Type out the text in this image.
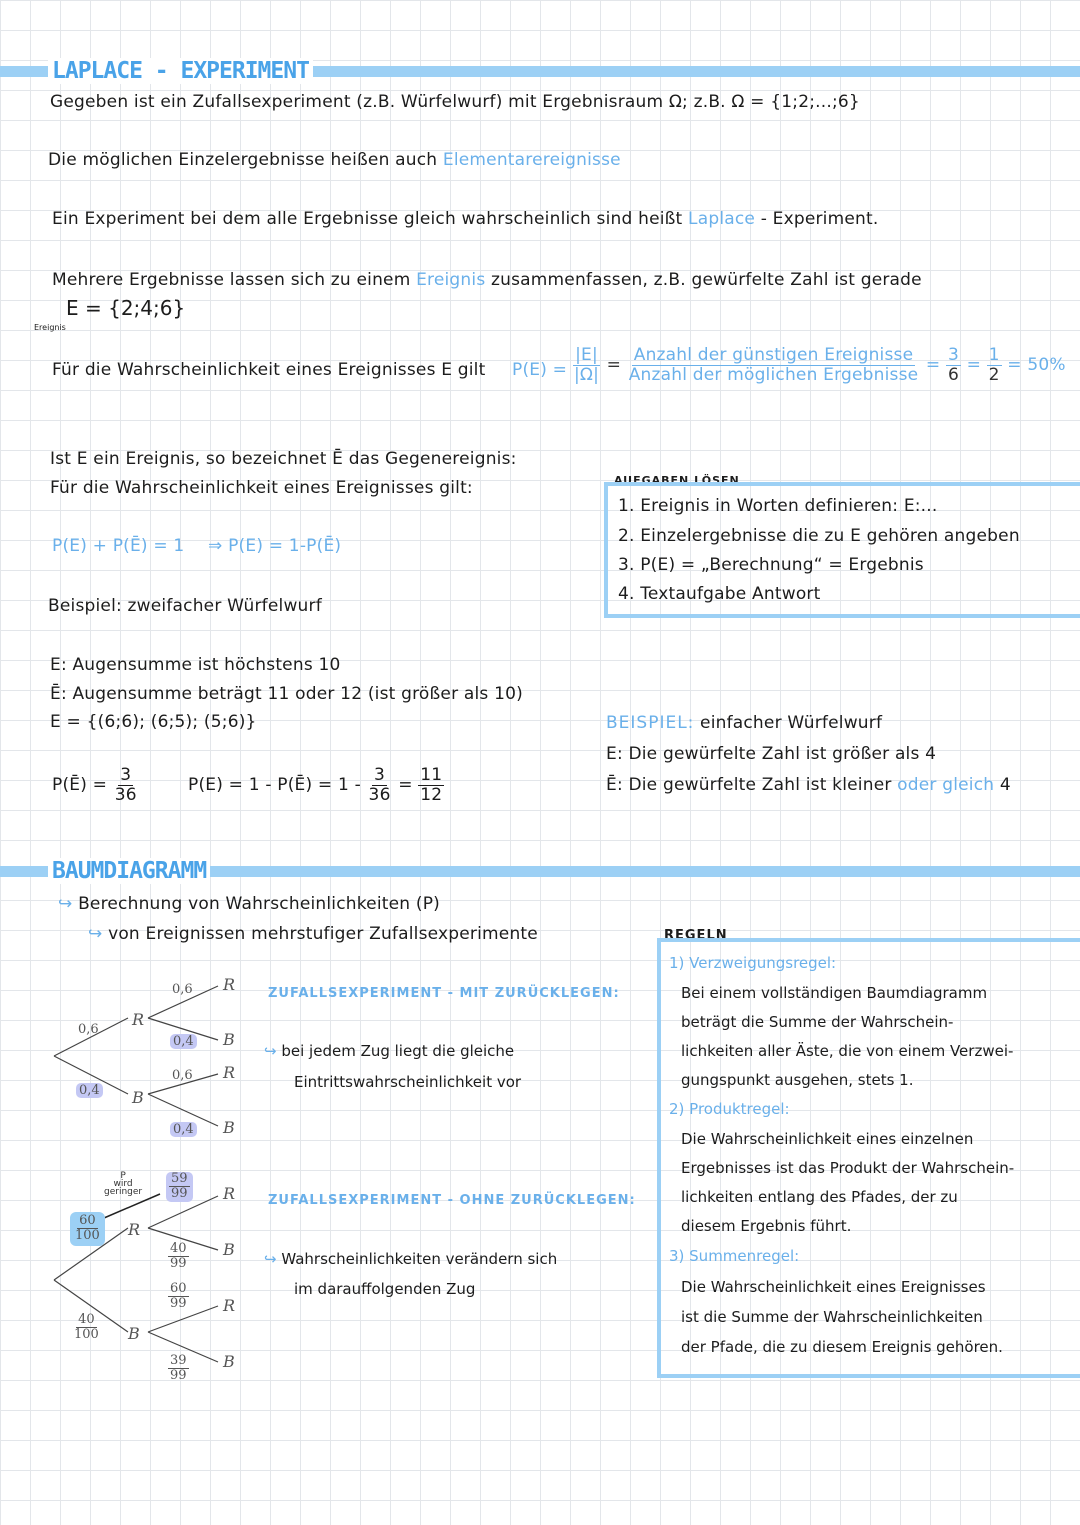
LAPLACE - EXPERIMENT
Gegeben ist ein Zufallsexperiment (z.B. Würfelwurf) mit Ergebnisraum Ω; z.B. Ω = {1;2;...;6}
Die möglichen Einzelergebnisse heißen auch Elementarereignisse
Ein Experiment bei dem alle Ergebnisse gleich wahrscheinlich sind heißt Laplace - Experiment.
Mehrere Ergebnisse lassen sich zu einem Ereignis zusammenfassen, z.B. gewürfelte Zahl ist gerade
E = {2;4;6}
Ereignis
Für die Wahrscheinlichkeit eines Ereignisses E gilt $P(E) = \frac{|E|}{|\Omega|} = \frac{\text{Anzahl der günstigen Ereignisse}}{\text{Anzahl der möglichen Ergebnisse}} = \frac{3}{6} = \frac{1}{2} = 50\%$
Ist E ein Ereignis, so bezeichnet Ē das Gegenereignis:
Für die Wahrscheinlichkeit eines Ereignisses gilt:
P(E) + P(Ē) = 1 ⇒ P(E) = 1-P(Ē)
Beispiel: zweifacher Würfelwurf
E: Augensumme ist höchstens 10
Ē: Augensumme beträgt 11 oder 12 (ist größer als 10)
E = {(6;6); (6;5); (5;6)}
P(Ē) = $\frac{3}{36}$	P(E) = 1 - P(Ē) = $1 - \frac{3}{36} = \frac{11}{12}$
AUFGABEN LÖSEN
1. Ereignis in Worten definieren: E:...
2. Einzelergebnisse die zu E gehören angeben
3. P(E) = „Berechnung“ = Ergebnis
4. Textaufgabe Antwort
BEISPIEL: einfacher Würfelwurf
E: Die gewürfelte Zahl ist größer als 4
Ē: Die gewürfelte Zahl ist kleiner oder gleich 4
BAUMDIAGRAMM
↪ Berechnung von Wahrscheinlichkeiten (P)
↪ von Ereignissen mehrstufiger Zufallsexperimente
R
B
R
B
R
B
0,6
0,4
0,6
0,4
0,6
0,4
ZUFALLSEXPERIMENT - MIT ZURÜCKLEGEN:
↪ bei jedem Zug liegt die gleiche
Eintrittswahrscheinlichkeit vor
R
B
R
B
R
B
$\frac{60}{100}$
$\frac{40}{100}$
$\frac{59}{99}$
$\frac{40}{99}$
$\frac{60}{99}$
$\frac{39}{99}$
P
wird
geringer
ZUFALLSEXPERIMENT - OHNE ZURÜCKLEGEN:
↪ Wahrscheinlichkeiten verändern sich
im darauffolgenden Zug
REGELN
1) Verzweigungsregel:
Bei einem vollständigen Baumdiagramm
beträgt die Summe der Wahrschein-
lichkeiten aller Äste, die von einem Verzwei-
gungspunkt ausgehen, stets 1.
2) Produktregel:
Die Wahrscheinlichkeit eines einzelnen
Ergebnisses ist das Produkt der Wahrschein-
lichkeiten entlang des Pfades, der zu
diesem Ergebnis führt.
3) Summenregel:
Die Wahrscheinlichkeit eines Ereignisses
ist die Summe der Wahrscheinlichkeiten
der Pfade, die zu diesem Ereignis gehören.
